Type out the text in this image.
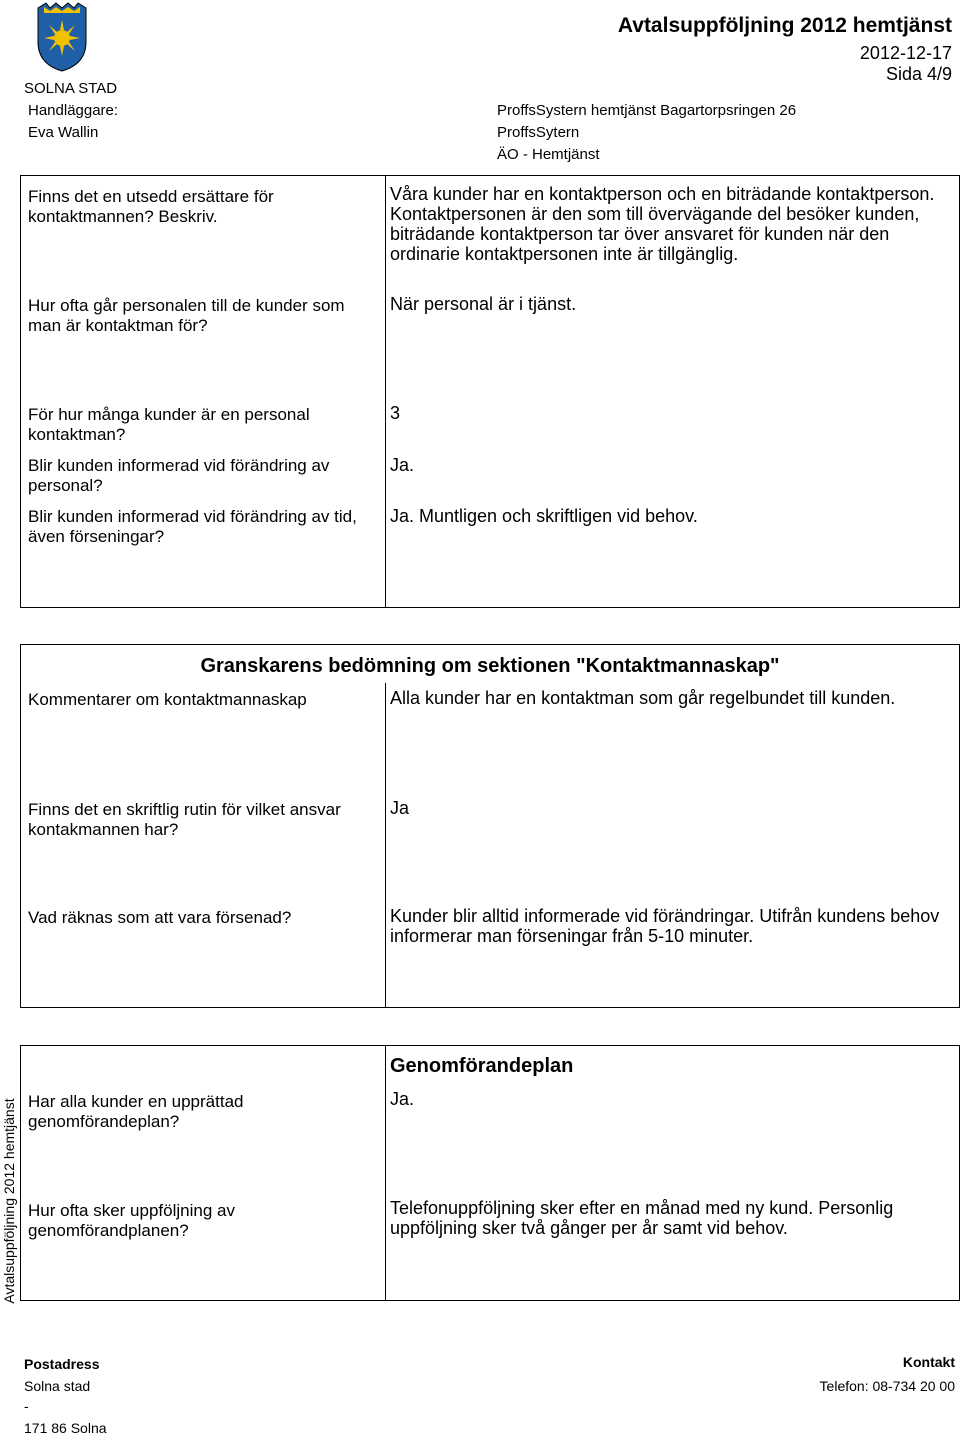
SOLNA STAD
Avtalsuppföljning 2012 hemtjänst
2012-12-17
Sida 4/9
Handläggare:
Eva Wallin
ProffsSystern hemtjänst Bagartorpsringen 26
ProffsSytern
ÄO - Hemtjänst
Finns det en utsedd ersättare för kontaktmannen? Beskriv.
Våra kunder har en kontaktperson och en biträdande kontaktperson. Kontaktpersonen är den som till övervägande del besöker kunden, biträdande kontaktperson tar över ansvaret för kunden när den ordinarie kontaktpersonen inte är tillgänglig.
Hur ofta går personalen till de kunder som man är kontaktman för?
När personal är i tjänst.
För hur många kunder är en personal kontaktman?
3
Blir kunden informerad vid förändring av personal?
Ja.
Blir kunden informerad vid förändring av tid, även förseningar?
Ja. Muntligen och skriftligen vid behov.
Granskarens bedömning om sektionen "Kontaktmannaskap"
Kommentarer om kontaktmannaskap	Alla kunder har en kontaktman som går regelbundet till kunden.
Finns det en skriftlig rutin för vilket ansvar kontakmannen har?
Ja
Vad räknas som att vara försenad?	Kunder blir alltid informerade vid förändringar. Utifrån kundens behov informerar man förseningar från 5-10 minuter.
Genomförandeplan
Har alla kunder en upprättad genomförandeplan?
Ja.
Hur ofta sker uppföljning av genomförandplanen?
Telefonuppföljning sker efter en månad med ny kund. Personlig uppföljning sker två gånger per år samt vid behov.
Avtalsuppföljning 2012 hemtjänst
Postadress
Solna stad
-
171 86 Solna
Kontakt
Telefon: 08-734 20 00
